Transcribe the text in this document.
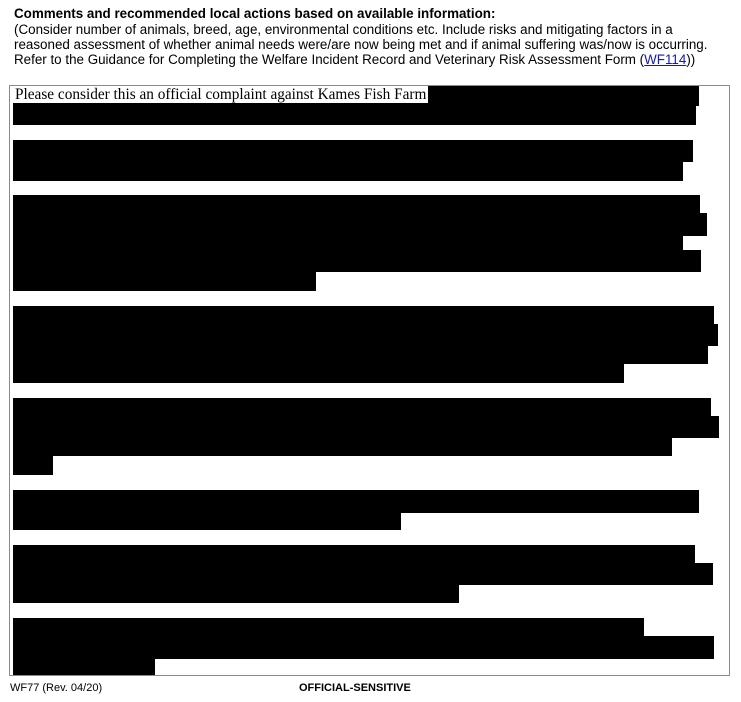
Comments and recommended local actions based on available information:

(Consider number of animals, breed, age, environmental conditions etc. Include risks and mitigating factors in a reasoned assessment of whether animal needs were/are now being met and if animal suffering was/now is occurring. Refer to the Guidance for Completing the Welfare Incident Record and Veterinary Risk Assessment Form (WF114))

Please consider this an official complaint against Kames Fish Farm
WF77 (Rev. 04/20)	OFFICIAL-SENSITIVE
